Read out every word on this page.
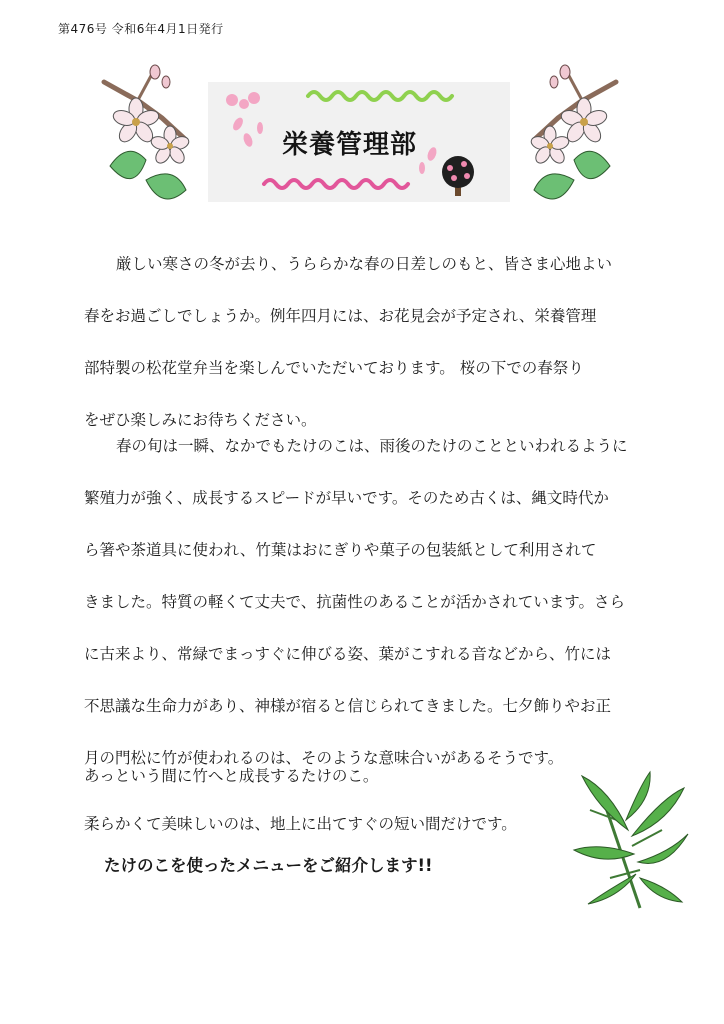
第476号 令和6年4月1日発行
栄養管理部
厳しい寒さの冬が去り、うららかな春の日差しのもと、皆さま心地よい
春をお過ごしでしょうか。例年四月には、お花見会が予定され、栄養管理
部特製の松花堂弁当を楽しんでいただいております。 桜の下での春祭り
をぜひ楽しみにお待ちください。
春の旬は一瞬、なかでもたけのこは、雨後のたけのことといわれるように
繁殖力が強く、成長するスピードが早いです。そのため古くは、縄文時代か
ら箸や茶道具に使われ、竹葉はおにぎりや菓子の包装紙として利用されて
きました。特質の軽くて丈夫で、抗菌性のあることが活かされています。さら
に古来より、常緑でまっすぐに伸びる姿、葉がこすれる音などから、竹には
不思議な生命力があり、神様が宿ると信じられてきました。七夕飾りやお正
月の門松に竹が使われるのは、そのような意味合いがあるそうです。
あっという間に竹へと成長するたけのこ。
柔らかくて美味しいのは、地上に出てすぐの短い間だけです。
たけのこを使ったメニューをご紹介します!!
